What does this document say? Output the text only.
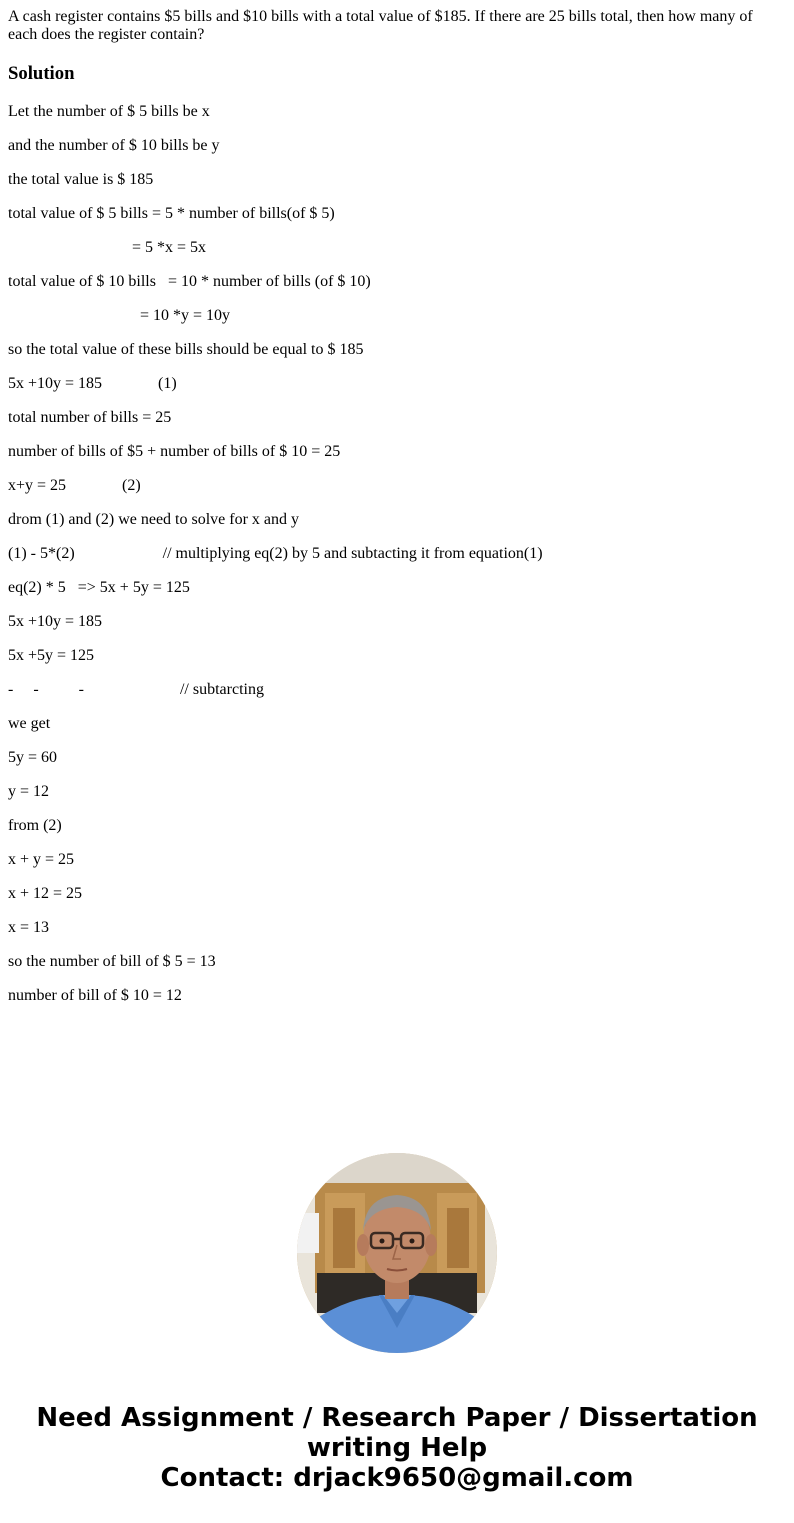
A cash register contains $5 bills and $10 bills with a total value of $185. If there are 25 bills total, then how many of each does the register contain?

Solution

Let the number of $ 5 bills be x

and the number of $ 10 bills be y

the total value is $ 185

total value of $ 5 bills = 5 * number of bills(of $ 5)

= 5 *x = 5x

total value of $ 10 bills   = 10 * number of bills (of $ 10)

= 10 *y = 10y

so the total value of these bills should be equal to $ 185

5x +10y = 185              (1)

total number of bills = 25

number of bills of $5 + number of bills of $ 10 = 25

x+y = 25              (2)

drom (1) and (2) we need to solve for x and y

(1) - 5*(2)                      // multiplying eq(2) by 5 and subtacting it from equation(1)

eq(2) * 5   => 5x + 5y = 125

5x +10y = 185

5x +5y = 125

-     -          -                        // subtarcting

we get

5y = 60

y = 12

from (2)

x + y = 25

x + 12 = 25

x = 13

so the number of bill of $ 5 = 13

number of bill of $ 10 = 12

Need Assignment / Research Paper / Dissertation
writing Help
Contact: drjack9650@gmail.com
